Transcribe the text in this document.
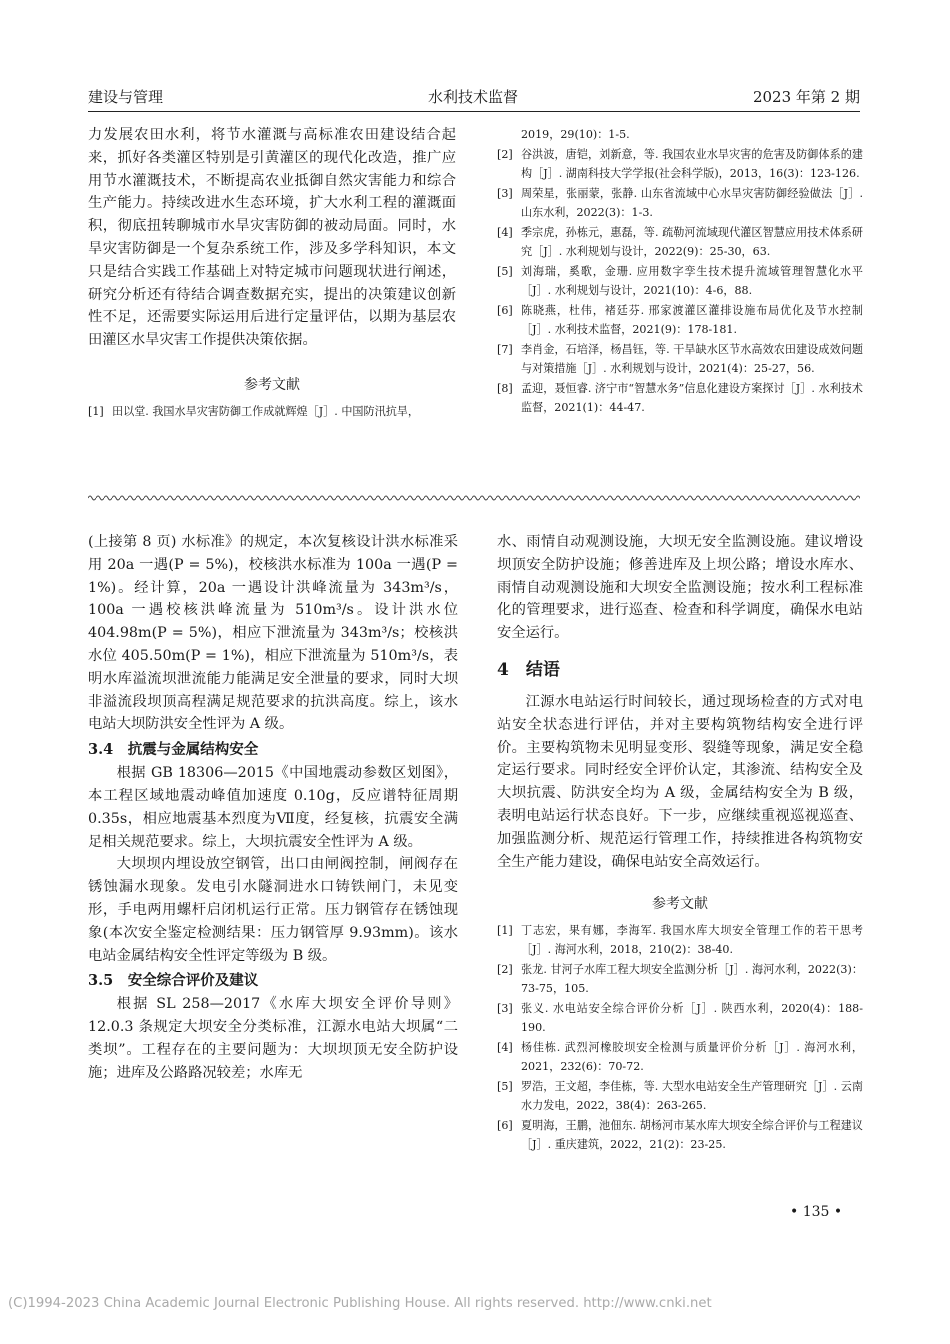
建设与管理	水利技术监督	2023 年第 2 期

力发展农田水利，将节水灌溉与高标准农田建设结合起来，抓好各类灌区特别是引黄灌区的现代化改造，推广应用节水灌溉技术，不断提高农业抵御自然灾害能力和综合生产能力。持续改进水生态环境，扩大水利工程的灌溉面积，彻底扭转聊城市水旱灾害防御的被动局面。同时，水旱灾害防御是一个复杂系统工作，涉及多学科知识，本文只是结合实践工作基础上对特定城市问题现状进行阐述，研究分析还有待结合调查数据充实，提出的决策建议创新性不足，还需要实际运用后进行定量评估，以期为基层农田灌区水旱灾害工作提供决策依据。

参考文献

[1] 田以堂. 我国水旱灾害防御工作成就辉煌［J］. 中国防汛抗旱，

2019，29(10)：1-5.

[2] 谷洪波，唐铠，刘新意，等. 我国农业水旱灾害的危害及防御体系的建构［J］. 湖南科技大学学报(社会科学版)，2013，16(3)：123-126.

[3] 周荣星，张丽蒙，张静. 山东省流域中心水旱灾害防御经验做法［J］. 山东水利，2022(3)：1-3.

[4] 季宗虎，孙栋元，惠磊，等. 疏勒河流域现代灌区智慧应用技术体系研究［J］. 水利规划与设计，2022(9)：25-30，63.

[5] 刘海瑞，奚歌，金珊. 应用数字孪生技术提升流域管理智慧化水平［J］. 水利规划与设计，2021(10)：4-6，88.

[6] 陈晓燕，杜伟，褚廷芬. 邢家渡灌区灌排设施布局优化及节水控制［J］. 水利技术监督，2021(9)：178-181.

[7] 李肖金，石培泽，杨昌钰，等. 干旱缺水区节水高效农田建设成效问题与对策措施［J］. 水利规划与设计，2021(4)：25-27，56.

[8] 孟迎，聂恒睿. 济宁市“智慧水务”信息化建设方案探讨［J］. 水利技术监督，2021(1)：44-47.

(上接第 8 页) 水标准》的规定，本次复核设计洪水标准采用 20a 一遇(P = 5%)，校核洪水标准为 100a 一遇(P = 1%)。经计算，20a 一遇设计洪峰流量为 343m³/s，100a 一遇校核洪峰流量为 510m³/s。设计洪水位 404.98m(P = 5%)，相应下泄流量为 343m³/s；校核洪水位 405.50m(P = 1%)，相应下泄流量为 510m³/s，表明水库溢流坝泄流能力能满足安全泄量的要求，同时大坝非溢流段坝顶高程满足规范要求的抗洪高度。综上，该水电站大坝防洪安全性评为 A 级。

3.4　抗震与金属结构安全

根据 GB 18306—2015《中国地震动参数区划图》，本工程区域地震动峰值加速度 0.10g，反应谱特征周期 0.35s，相应地震基本烈度为Ⅶ度，经复核，抗震安全满足相关规范要求。综上，大坝抗震安全性评为 A 级。

大坝坝内埋设放空钢管，出口由闸阀控制，闸阀存在锈蚀漏水现象。发电引水隧洞进水口铸铁闸门，未见变形，手电两用螺杆启闭机运行正常。压力钢管存在锈蚀现象(本次安全鉴定检测结果：压力钢管厚 9.93mm)。该水电站金属结构安全性评定等级为 B 级。

3.5　安全综合评价及建议

根据 SL 258—2017《水库大坝安全评价导则》12.0.3 条规定大坝安全分类标准，江源水电站大坝属“二类坝”。工程存在的主要问题为：大坝坝顶无安全防护设施；进库及公路路况较差；水库无

水、雨情自动观测设施，大坝无安全监测设施。建议增设坝顶安全防护设施；修善进库及上坝公路；增设水库水、雨情自动观测设施和大坝安全监测设施；按水利工程标准化的管理要求，进行巡查、检查和科学调度，确保水电站安全运行。

4　结语

江源水电站运行时间较长，通过现场检查的方式对电站安全状态进行评估，并对主要构筑物结构安全进行评价。主要构筑物未见明显变形、裂缝等现象，满足安全稳定运行要求。同时经安全评价认定，其渗流、结构安全及大坝抗震、防洪安全均为 A 级，金属结构安全为 B 级，表明电站运行状态良好。下一步，应继续重视巡视巡查、加强监测分析、规范运行管理工作，持续推进各构筑物安全生产能力建设，确保电站安全高效运行。

参考文献

[1] 丁志宏，果有娜，李海军. 我国水库大坝安全管理工作的若干思考［J］. 海河水利，2018，210(2)：38-40.

[2] 张龙. 甘河子水库工程大坝安全监测分析［J］. 海河水利，2022(3)：73-75，105.

[3] 张义. 水电站安全综合评价分析［J］. 陕西水利，2020(4)：188-190.

[4] 杨佳栋. 武烈河橡胶坝安全检测与质量评价分析［J］. 海河水利，2021，232(6)：70-72.

[5] 罗浩，王文超，李佳栋，等. 大型水电站安全生产管理研究［J］. 云南水力发电，2022，38(4)：263-265.

[6] 夏明海，王鹏，池佃东. 胡杨河市某水库大坝安全综合评价与工程建议［J］. 重庆建筑，2022，21(2)：23-25.

• 135 •
(C)1994-2023 China Academic Journal Electronic Publishing House. All rights reserved. http://www.cnki.net
